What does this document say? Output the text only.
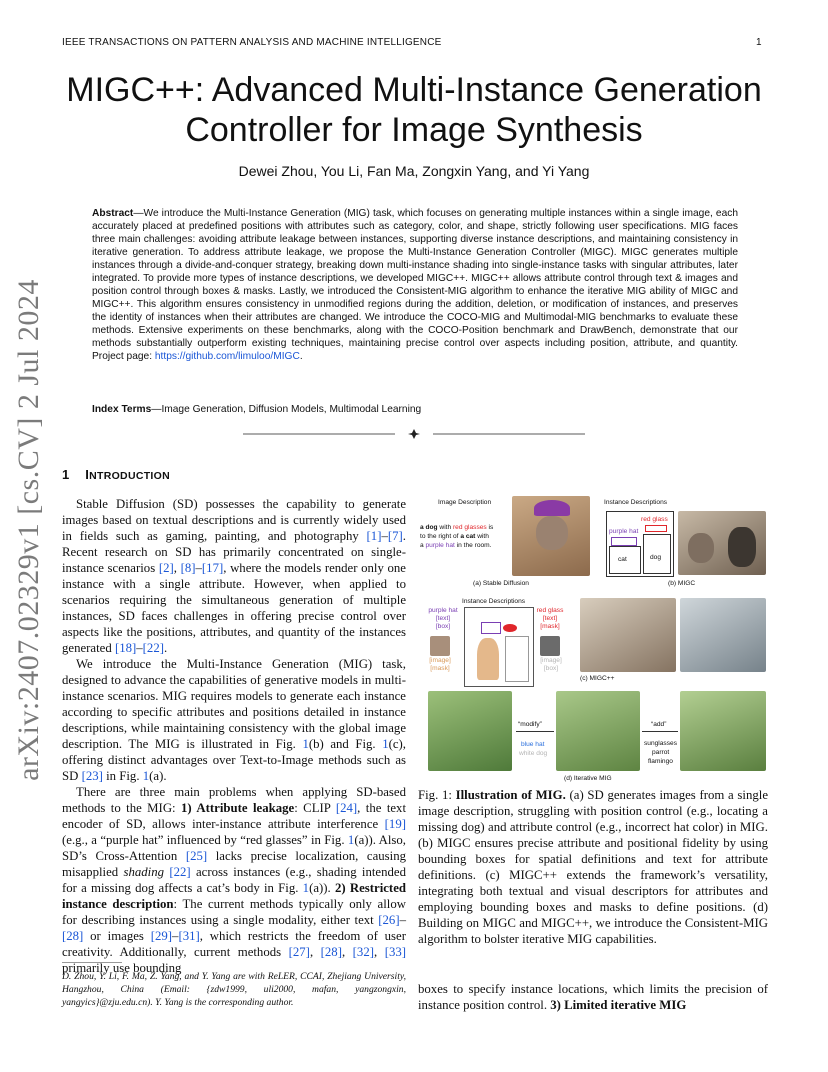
IEEE TRANSACTIONS ON PATTERN ANALYSIS AND MACHINE INTELLIGENCE	1
arXiv:2407.02329v1 [cs.CV] 2 Jul 2024
MIGC++: Advanced Multi-Instance Generation
Controller for Image Synthesis
Dewei Zhou, You Li, Fan Ma, Zongxin Yang, and Yi Yang
Abstract—We introduce the Multi-Instance Generation (MIG) task, which focuses on generating multiple instances within a single image, each accurately placed at predefined positions with attributes such as category, color, and shape, strictly following user specifications. MIG faces three main challenges: avoiding attribute leakage between instances, supporting diverse instance descriptions, and maintaining consistency in iterative generation. To address attribute leakage, we propose the Multi-Instance Generation Controller (MIGC). MIGC generates multiple instances through a divide-and-conquer strategy, breaking down multi-instance shading into single-instance tasks with singular attributes, later integrated. To provide more types of instance descriptions, we developed MIGC++. MIGC++ allows attribute control through text & images and position control through boxes & masks. Lastly, we introduced the Consistent-MIG algorithm to enhance the iterative MIG ability of MIGC and MIGC++. This algorithm ensures consistency in unmodified regions during the addition, deletion, or modification of instances, and preserves the identity of instances when their attributes are changed. We introduce the COCO-MIG and Multimodal-MIG benchmarks to evaluate these methods. Extensive experiments on these benchmarks, along with the COCO-Position benchmark and DrawBench, demonstrate that our methods substantially outperform existing techniques, maintaining precise control over aspects including position, attribute, and quantity. Project page: https://github.com/limuloo/MIGC.
Index Terms—Image Generation, Diffusion Models, Multimodal Learning
1 INTRODUCTION

Stable Diffusion (SD) possesses the capability to generate images based on textual descriptions and is currently widely used in fields such as gaming, painting, and photography [1]–[7]. Recent research on SD has primarily concentrated on single-instance scenarios [2], [8]–[17], where the models render only one instance with a single attribute. However, when applied to scenarios requiring the simultaneous generation of multiple instances, SD faces challenges in offering precise control over aspects like the positions, attributes, and quantity of the instances generated [18]–[22].

We introduce the Multi-Instance Generation (MIG) task, designed to advance the capabilities of generative models in multi-instance scenarios. MIG requires models to generate each instance according to specific attributes and positions detailed in instance descriptions, while maintaining consistency with the global image description. The MIG is illustrated in Fig. 1(b) and Fig. 1(c), offering distinct advantages over Text-to-Image methods such as SD [23] in Fig. 1(a).

There are three main problems when applying SD-based methods to the MIG: 1) Attribute leakage: CLIP [24], the text encoder of SD, allows inter-instance attribute interference [19] (e.g., a “purple hat” influenced by “red glasses” in Fig. 1(a)). Also, SD’s Cross-Attention [25] lacks precise localization, causing misapplied shading [22] across instances (e.g., shading intended for a missing dog affects a cat’s body in Fig. 1(a)). 2) Restricted instance description: The current methods typically only allow for describing instances using a single modality, either text [26]–[28] or images [29]–[31], which restricts the freedom of user creativity. Additionally, current methods [27], [28], [32], [33] primarily use bounding

D. Zhou, Y. Li, F. Ma, Z. Yang, and Y. Yang are with ReLER, CCAI, Zhejiang University, Hangzhou, China (Email: {zdw1999, uli2000, mafan, yangzongxin, yangyics}@zju.edu.cn). Y. Yang is the corresponding author.
Image Description
a dog with red glasses is
to the right of a cat with
a purple hat in the room.
(a) Stable Diffusion
Instance Descriptions
red glass
purple hat
cat	dog
(b) MIGC
Instance Descriptions
purple hat
[text]
[box]
red glass
[text]
[mask]
[image]
[mask]
[image]
[box]
(c) MIGC++
“modify”
blue hat
white dog
“add”
sunglasses
parrot
flamingo
(d) Iterative MIG
Fig. 1: Illustration of MIG. (a) SD generates images from a single image description, struggling with position control (e.g., locating a missing dog) and attribute control (e.g., incorrect hat color) in MIG. (b) MIGC ensures precise attribute and positional fidelity by using bounding boxes for spatial definitions and text for attribute definitions. (c) MIGC++ extends the framework’s versatility, integrating both textual and visual descriptors for attributes and employing bounding boxes and masks to define positions. (d) Building on MIGC and MIGC++, we introduce the Consistent-MIG algorithm to bolster iterative MIG capabilities.
boxes to specify instance locations, which limits the precision of instance position control. 3) Limited iterative MIG
